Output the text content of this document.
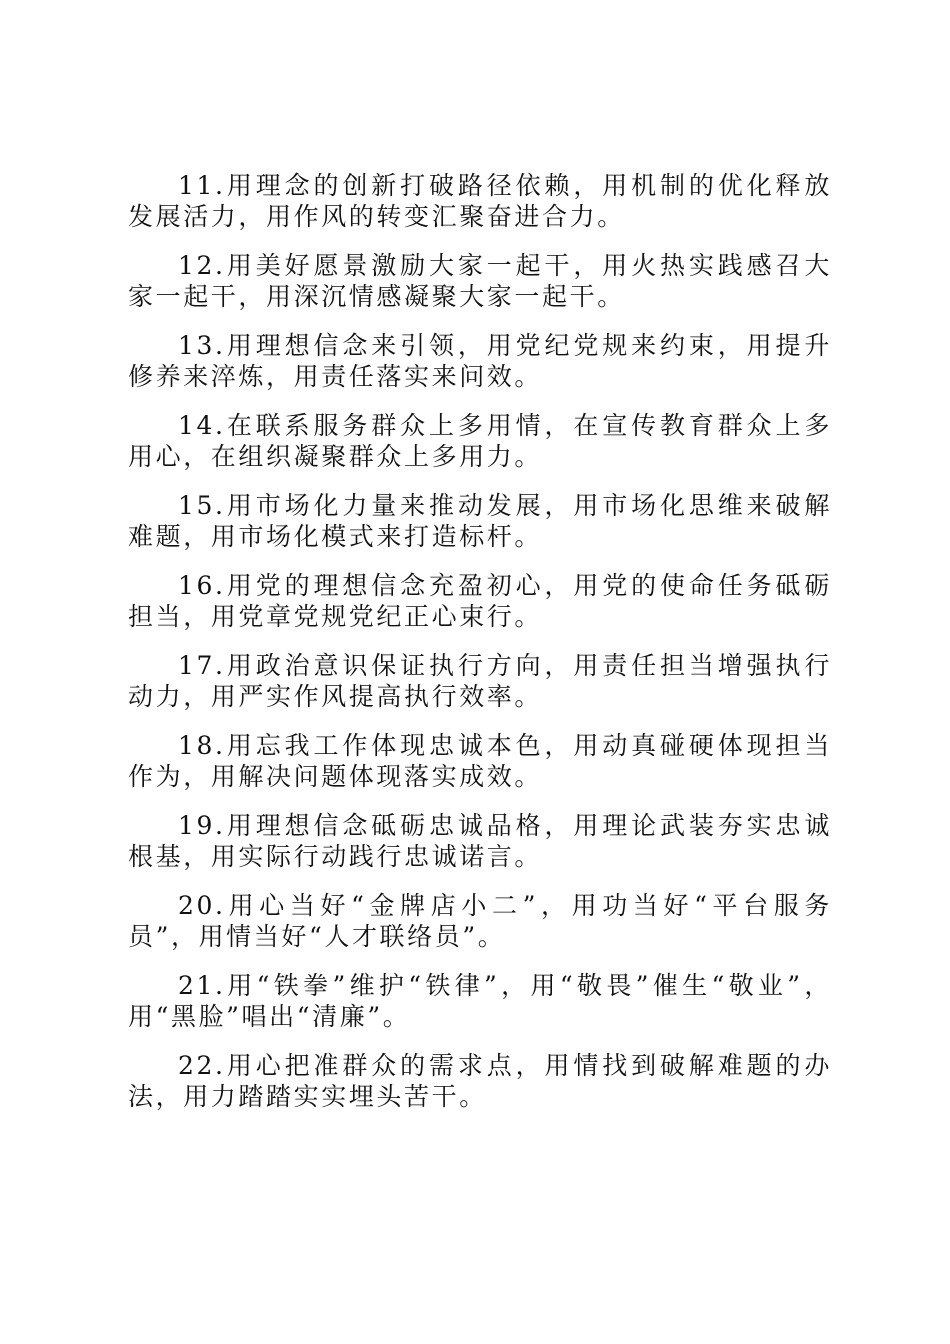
11.用理念的创新打破路径依赖，用机制的优化释放发展活力，用作风的转变汇聚奋进合力。

12.用美好愿景激励大家一起干，用火热实践感召大家一起干，用深沉情感凝聚大家一起干。

13.用理想信念来引领，用党纪党规来约束，用提升修养来淬炼，用责任落实来问效。

14.在联系服务群众上多用情，在宣传教育群众上多用心，在组织凝聚群众上多用力。

15.用市场化力量来推动发展，用市场化思维来破解难题，用市场化模式来打造标杆。

16.用党的理想信念充盈初心，用党的使命任务砥砺担当，用党章党规党纪正心束行。

17.用政治意识保证执行方向，用责任担当增强执行动力，用严实作风提高执行效率。

18.用忘我工作体现忠诚本色，用动真碰硬体现担当作为，用解决问题体现落实成效。

19.用理想信念砥砺忠诚品格，用理论武装夯实忠诚根基，用实际行动践行忠诚诺言。

20.用心当好“金牌店小二”，用功当好“平台服务员”，用情当好“人才联络员”。

21.用“铁拳”维护“铁律”，用“敬畏”催生“敬业”，用“黑脸”唱出“清廉”。

22.用心把准群众的需求点，用情找到破解难题的办法，用力踏踏实实埋头苦干。
